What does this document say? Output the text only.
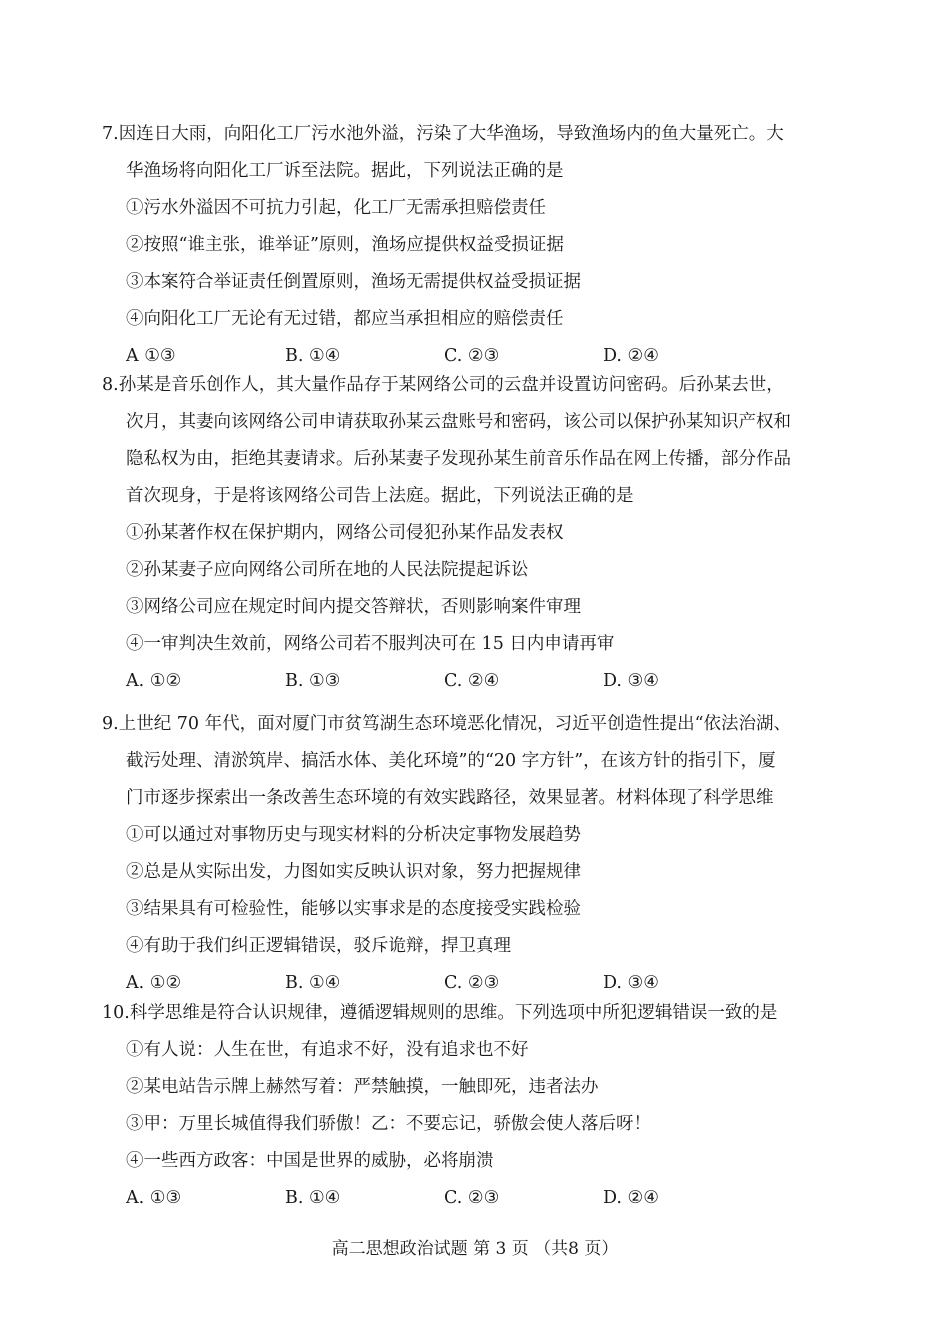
7.因连日大雨，向阳化工厂污水池外溢，污染了大华渔场，导致渔场内的鱼大量死亡。大
华渔场将向阳化工厂诉至法院。据此，下列说法正确的是
①污水外溢因不可抗力引起，化工厂无需承担赔偿责任
②按照“谁主张，谁举证”原则，渔场应提供权益受损证据
③本案符合举证责任倒置原则，渔场无需提供权益受损证据
④向阳化工厂无论有无过错，都应当承担相应的赔偿责任
A ①③	B. ①④	C. ②③	D. ②④
8.孙某是音乐创作人，其大量作品存于某网络公司的云盘并设置访问密码。后孙某去世，
次月，其妻向该网络公司申请获取孙某云盘账号和密码，该公司以保护孙某知识产权和
隐私权为由，拒绝其妻请求。后孙某妻子发现孙某生前音乐作品在网上传播，部分作品
首次现身，于是将该网络公司告上法庭。据此，下列说法正确的是
①孙某著作权在保护期内，网络公司侵犯孙某作品发表权
②孙某妻子应向网络公司所在地的人民法院提起诉讼
③网络公司应在规定时间内提交答辩状，否则影响案件审理
④一审判决生效前，网络公司若不服判决可在 15 日内申请再审
A. ①②	B. ①③	C. ②④	D. ③④
9.上世纪 70 年代，面对厦门市贫笃湖生态环境恶化情况，习近平创造性提出“依法治湖、
截污处理、清淤筑岸、搞活水体、美化环境”的“20 字方针”，在该方针的指引下，厦
门市逐步探索出一条改善生态环境的有效实践路径，效果显著。材料体现了科学思维
①可以通过对事物历史与现实材料的分析决定事物发展趋势
②总是从实际出发，力图如实反映认识对象，努力把握规律
③结果具有可检验性，能够以实事求是的态度接受实践检验
④有助于我们纠正逻辑错误，驳斥诡辩，捍卫真理
A. ①②	B. ①④	C. ②③	D. ③④
10.科学思维是符合认识规律，遵循逻辑规则的思维。下列选项中所犯逻辑错误一致的是
①有人说：人生在世，有追求不好，没有追求也不好
②某电站告示牌上赫然写着：严禁触摸，一触即死，违者法办
③甲：万里长城值得我们骄傲！乙：不要忘记，骄傲会使人落后呀！
④一些西方政客：中国是世界的威胁，必将崩溃
A. ①③	B. ①④	C. ②③	D. ②④
高二思想政治试题 第 3 页 （共8 页）
